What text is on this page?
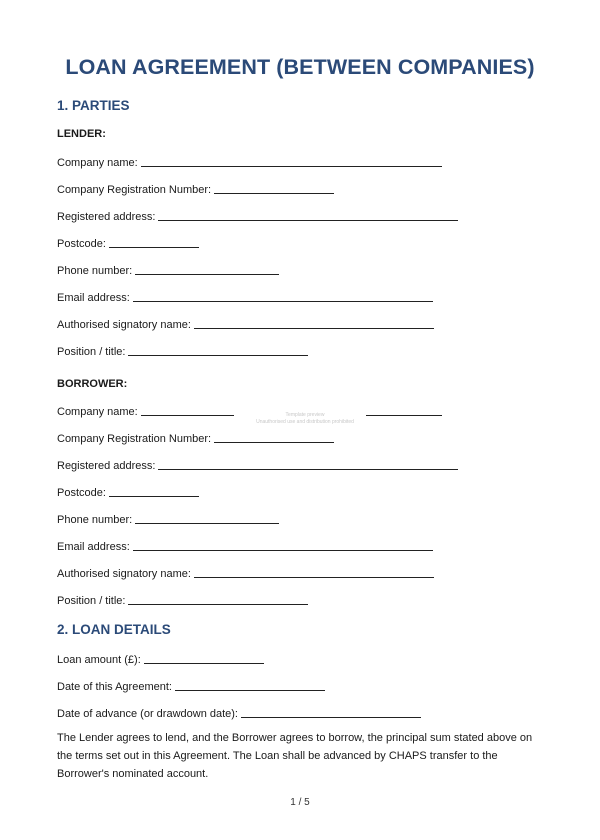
LOAN AGREEMENT (BETWEEN COMPANIES)
1. PARTIES
LENDER:
Company name:
Company Registration Number:
Registered address:
Postcode:
Phone number:
Email address:
Authorised signatory name:
Position / title:
BORROWER:
Company name:
Company Registration Number:
Registered address:
Postcode:
Phone number:
Email address:
Authorised signatory name:
Position / title:
2. LOAN DETAILS
Loan amount (£):
Date of this Agreement:
Date of advance (or drawdown date):
The Lender agrees to lend, and the Borrower agrees to borrow, the principal sum stated above on the terms set out in this Agreement. The Loan shall be advanced by CHAPS transfer to the Borrower's nominated account.
Template preview
Unauthorised use and distribution prohibited
1 / 5
